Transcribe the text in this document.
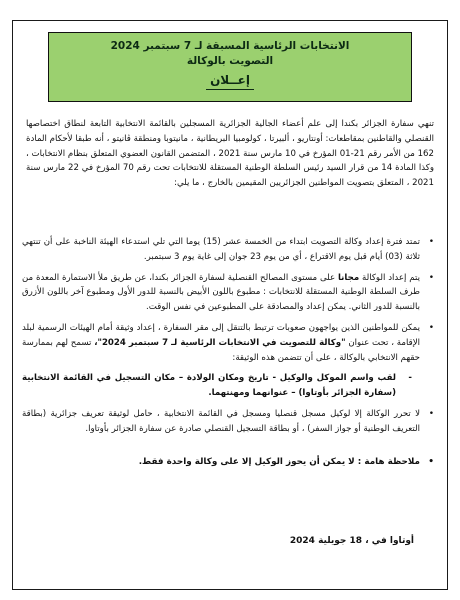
الانتخابات الرئاسية المسبقة لـ 7 سبتمبر 2024
التصويت بالوكالة
إعــلان
تنهي سفارة الجزائر بكندا إلى علم أعضاء الجالية الجزائرية المسجلين بالقائمة الانتخابية التابعة لنطاق اختصاصها القنصلي والقاطنين بمقاطعات: أونتاريو ، ألبيرتا ، كولومبيا البريطانية ، مانيتوبا ومنطقة ڤانيتو ، أنه طبقا لأحكام المادة 162 من الأمر رقم 21-01 المؤرخ في 10 مارس سنة 2021 ، المتضمن القانون العضوي المتعلق بنظام الانتخابات ، وكذا المادة 14 من قرار السيد رئيس السلطة الوطنية المستقلة للانتخابات تحت رقم 70 المؤرخ في 22 مارس سنة 2021 ، المتعلق بتصويت المواطنين الجزائريين المقيمين بالخارج ، ما يلي:
•
تمتد فترة إعداد وكالة التصويت ابتداء من الخمسة عشر (15) يوما التي تلي استدعاء الهيئة الناخبة على أن تنتهي ثلاثة (03) أيام قبل يوم الاقتراع ، أي من يوم 23 جوان إلى غاية يوم 3 سبتمبر.
•
يتم إعداد الوكالة مجانا على مستوى المصالح القنصلية لسفارة الجزائر بكندا، عن طريق ملأ الاستمارة المعدة من طرف السلطة الوطنية المستقلة للانتخابات : مطبوع باللون الأبيض بالنسبة للدور الأول ومطبوع آخر باللون الأزرق بالنسبة للدور الثاني. يمكن إعداد والمصادقة على المطبوعين في نفس الوقت.
•
يمكن للمواطنين الذين يواجهون صعوبات ترتبط بالتنقل إلى مقر السفارة ، إعداد وثيقة أمام الهيئات الرسمية لبلد الإقامة ، تحت عنوان "وكالة للتصويت في الانتخابات الرئاسية لـ 7 سبتمبر 2024"، تسمح لهم بممارسة حقهم الانتخابي بالوكالة ، على أن تتضمن هذه الوثيقة:
-
لقب واسم الموكل والوكيل - تاريخ ومكان الولادة – مكان التسجيل في القائمة الانتخابية (سفارة الجزائر بأوتاوا) – عنوانهما ومهنتهما.
•
لا تحرر الوكالة إلا لوكيل مسجل قنصليا ومسجل في القائمة الانتخابية ، حامل لوثيقة تعريف جزائرية (بطاقة التعريف الوطنية أو جواز السفر) ، أو بطاقة التسجيل القنصلي صادرة عن سفارة الجزائر بأوتاوا.
•
ملاحظة هامة : لا يمكن أن يحوز الوكيل إلا على وكالة واحدة فقط.
أوتاوا في ، 18 جويلية 2024
